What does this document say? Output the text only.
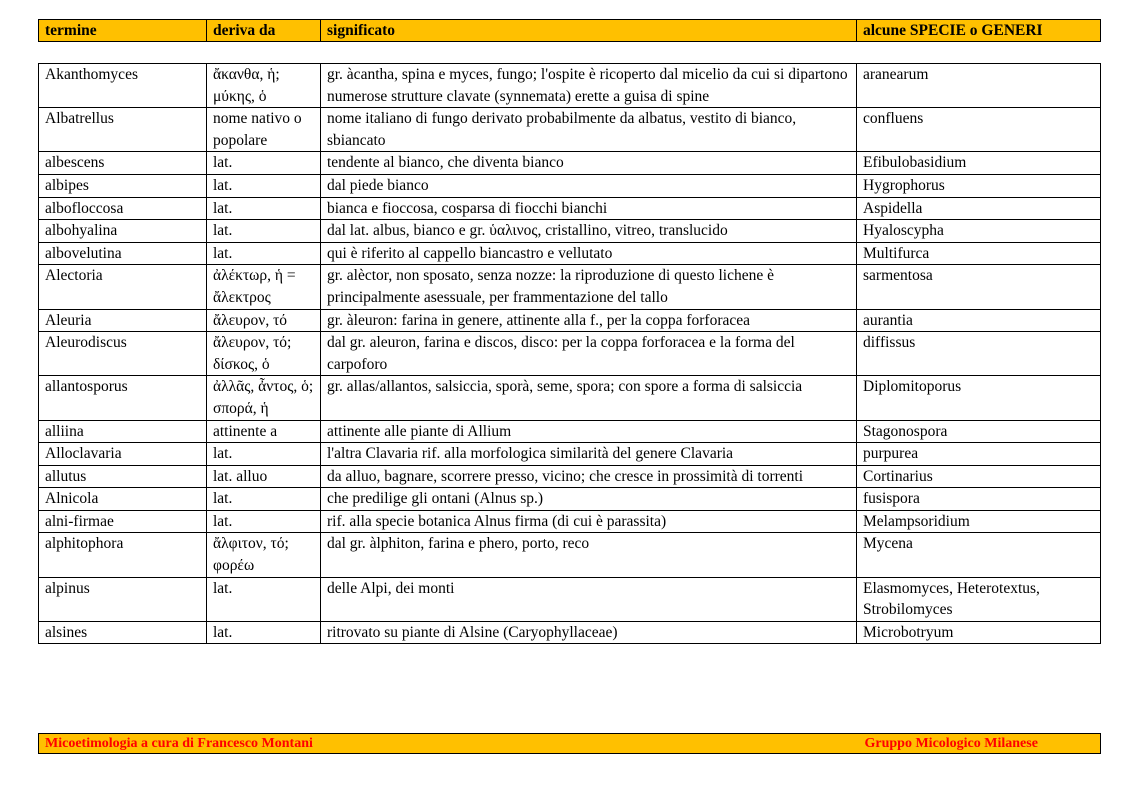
termine	deriva da	significato	alcune SPECIE o GENERI
Akanthomyces	ἄκανθα, ἡ; μύκης, ὁ	gr. àcantha, spina e myces, fungo; l'ospite è ricoperto dal micelio da cui si dipartono numerose strutture clavate (synnemata) erette a guisa di spine	aranearum
Albatrellus	nome nativo o popolare	nome italiano di fungo derivato probabilmente da albatus, vestito di bianco, sbiancato	confluens
albescens	lat.	tendente al bianco, che diventa bianco	Efibulobasidium
albipes	lat.	dal piede bianco	Hygrophorus
albofloccosa	lat.	bianca e fioccosa, cosparsa di fiocchi bianchi	Aspidella
albohyalina	lat.	dal lat. albus, bianco e gr. ὑαλινος, cristallino, vitreo, translucido	Hyaloscypha
albovelutina	lat.	qui è riferito al cappello biancastro e vellutato	Multifurca
Alectoria	ἀλέκτωρ, ἡ = ἄλεκτρος	gr. alèctor, non sposato, senza nozze: la riproduzione di questo lichene è principalmente asessuale, per frammentazione del tallo	sarmentosa
Aleuria	ἄλευρον, τό	gr. àleuron: farina in genere, attinente alla f., per la coppa forforacea	aurantia
Aleurodiscus	ἄλευρον, τό; δίσκος, ὁ	dal gr. aleuron, farina e discos, disco: per la coppa forforacea e la forma del carpoforo	diffissus
allantosporus	ἀλλᾶς, ἆντος, ὁ; σπορά, ἡ	gr. allas/allantos, salsiccia, sporà, seme, spora; con spore a forma di salsiccia	Diplomitoporus
alliina	attinente a	attinente alle piante di Allium	Stagonospora
Alloclavaria	lat.	l'altra Clavaria rif. alla morfologica similarità del genere Clavaria	purpurea
allutus	lat. alluo	da alluo, bagnare, scorrere presso, vicino; che cresce in prossimità di torrenti	Cortinarius
Alnicola	lat.	che predilige gli ontani (Alnus sp.)	fusispora
alni-firmae	lat.	rif. alla specie botanica Alnus firma (di cui è parassita)	Melampsoridium
alphitophora	ἄλφιτον, τό; φορέω	dal gr. àlphiton, farina e phero, porto, reco	Mycena
alpinus	lat.	delle Alpi, dei monti	Elasmomyces, Heterotextus, Strobilomyces
alsines	lat.	ritrovato su piante di Alsine (Caryophyllaceae)	Microbotryum
Micoetimologia a cura di Francesco Montani	Gruppo Micologico Milanese
